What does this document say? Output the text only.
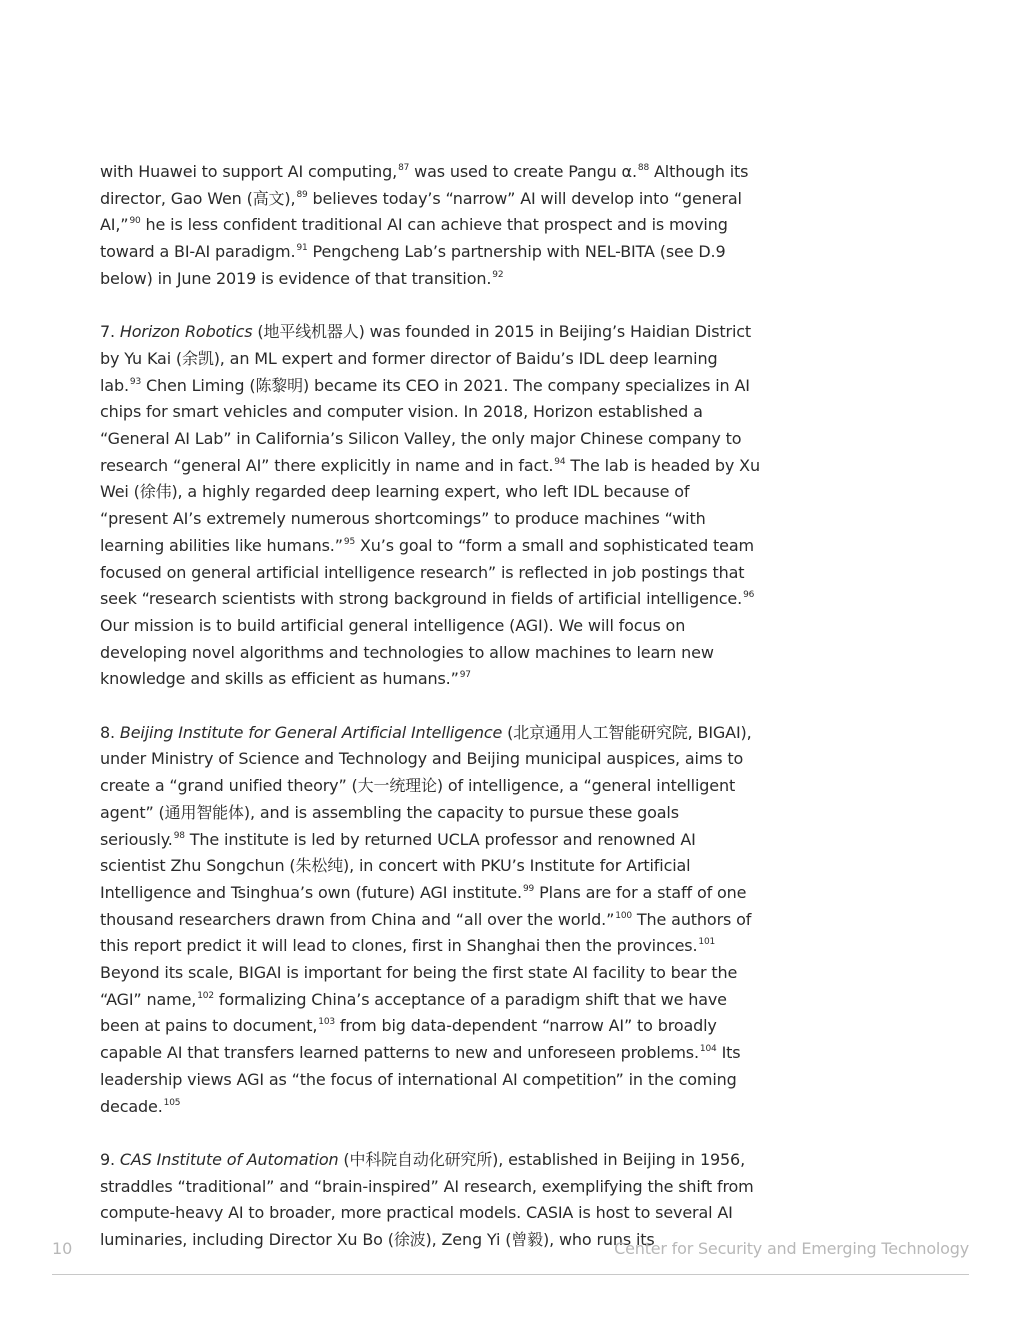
with Huawei to support AI computing,$^{87}$ was used to create Pangu α.$^{88}$ Although its director, Gao Wen (高文),$^{89}$ believes today’s “narrow” AI will develop into “general AI,”$^{90}$ he is less confident traditional AI can achieve that prospect and is moving toward a BI-AI paradigm.$^{91}$ Pengcheng Lab’s partnership with NEL-BITA (see D.9 below) in June 2019 is evidence of that transition.$^{92}$

7. Horizon Robotics (地平线机器人) was founded in 2015 in Beijing’s Haidian District by Yu Kai (余凯), an ML expert and former director of Baidu’s IDL deep learning lab.$^{93}$ Chen Liming (陈黎明) became its CEO in 2021. The company specializes in AI chips for smart vehicles and computer vision. In 2018, Horizon established a “General AI Lab” in California’s Silicon Valley, the only major Chinese company to research “general AI” there explicitly in name and in fact.$^{94}$ The lab is headed by Xu Wei (徐伟), a highly regarded deep learning expert, who left IDL because of “present AI’s extremely numerous shortcomings” to produce machines “with learning abilities like humans.”$^{95}$ Xu’s goal to “form a small and sophisticated team focused on general artificial intelligence research” is reflected in job postings that seek “research scientists with strong background in fields of artificial intelligence.$^{96}$ Our mission is to build artificial general intelligence (AGI). We will focus on developing novel algorithms and technologies to allow machines to learn new knowledge and skills as efficient as humans.”$^{97}$

8. Beijing Institute for General Artificial Intelligence (北京通用人工智能研究院, BIGAI), under Ministry of Science and Technology and Beijing municipal auspices, aims to create a “grand unified theory” (大一统理论) of intelligence, a “general intelligent agent” (通用智能体), and is assembling the capacity to pursue these goals seriously.$^{98}$ The institute is led by returned UCLA professor and renowned AI scientist Zhu Songchun (朱松纯), in concert with PKU’s Institute for Artificial Intelligence and Tsinghua’s own (future) AGI institute.$^{99}$ Plans are for a staff of one thousand researchers drawn from China and “all over the world.”$^{100}$ The authors of this report predict it will lead to clones, first in Shanghai then the provinces.$^{101}$ Beyond its scale, BIGAI is important for being the first state AI facility to bear the “AGI” name,$^{102}$ formalizing China’s acceptance of a paradigm shift that we have been at pains to document,$^{103}$ from big data-dependent “narrow AI” to broadly capable AI that transfers learned patterns to new and unforeseen problems.$^{104}$ Its leadership views AGI as “the focus of international AI competition” in the coming decade.$^{105}$

9. CAS Institute of Automation (中科院自动化研究所), established in Beijing in 1956, straddles “traditional” and “brain-inspired” AI research, exemplifying the shift from compute-heavy AI to broader, more practical models. CASIA is host to several AI luminaries, including Director Xu Bo (徐波), Zeng Yi (曾毅), who runs its

10	Center for Security and Emerging Technology
